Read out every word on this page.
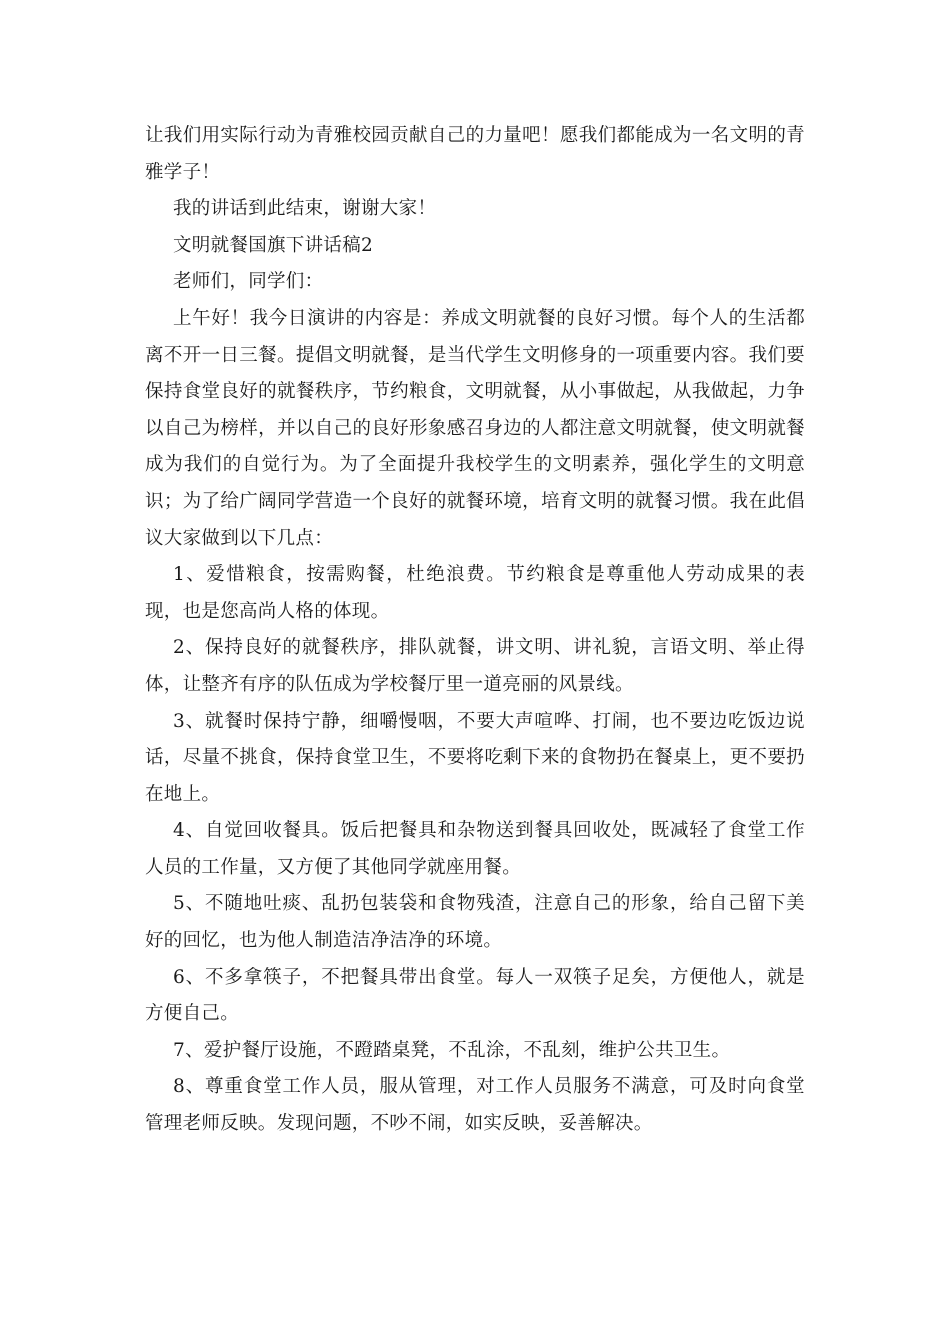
让我们用实际行动为青雅校园贡献自己的力量吧！愿我们都能成为一名文明的青雅学子！

我的讲话到此结束，谢谢大家！

文明就餐国旗下讲话稿2

老师们，同学们：

上午好！我今日演讲的内容是：养成文明就餐的良好习惯。每个人的生活都离不开一日三餐。提倡文明就餐，是当代学生文明修身的一项重要内容。我们要保持食堂良好的就餐秩序，节约粮食，文明就餐，从小事做起，从我做起，力争以自己为榜样，并以自己的良好形象感召身边的人都注意文明就餐，使文明就餐成为我们的自觉行为。为了全面提升我校学生的文明素养，强化学生的文明意识；为了给广阔同学营造一个良好的就餐环境，培育文明的就餐习惯。我在此倡议大家做到以下几点：

1、爱惜粮食，按需购餐，杜绝浪费。节约粮食是尊重他人劳动成果的表现，也是您高尚人格的体现。

2、保持良好的就餐秩序，排队就餐，讲文明、讲礼貌，言语文明、举止得体，让整齐有序的队伍成为学校餐厅里一道亮丽的风景线。

3、就餐时保持宁静，细嚼慢咽，不要大声喧哗、打闹，也不要边吃饭边说话，尽量不挑食，保持食堂卫生，不要将吃剩下来的食物扔在餐桌上，更不要扔在地上。

4、自觉回收餐具。饭后把餐具和杂物送到餐具回收处，既减轻了食堂工作人员的工作量，又方便了其他同学就座用餐。

5、不随地吐痰、乱扔包装袋和食物残渣，注意自己的形象，给自己留下美好的回忆，也为他人制造洁净洁净的环境。

6、不多拿筷子，不把餐具带出食堂。每人一双筷子足矣，方便他人，就是方便自己。

7、爱护餐厅设施，不蹬踏桌凳，不乱涂，不乱刻，维护公共卫生。

8、尊重食堂工作人员，服从管理，对工作人员服务不满意，可及时向食堂管理老师反映。发现问题，不吵不闹，如实反映，妥善解决。
